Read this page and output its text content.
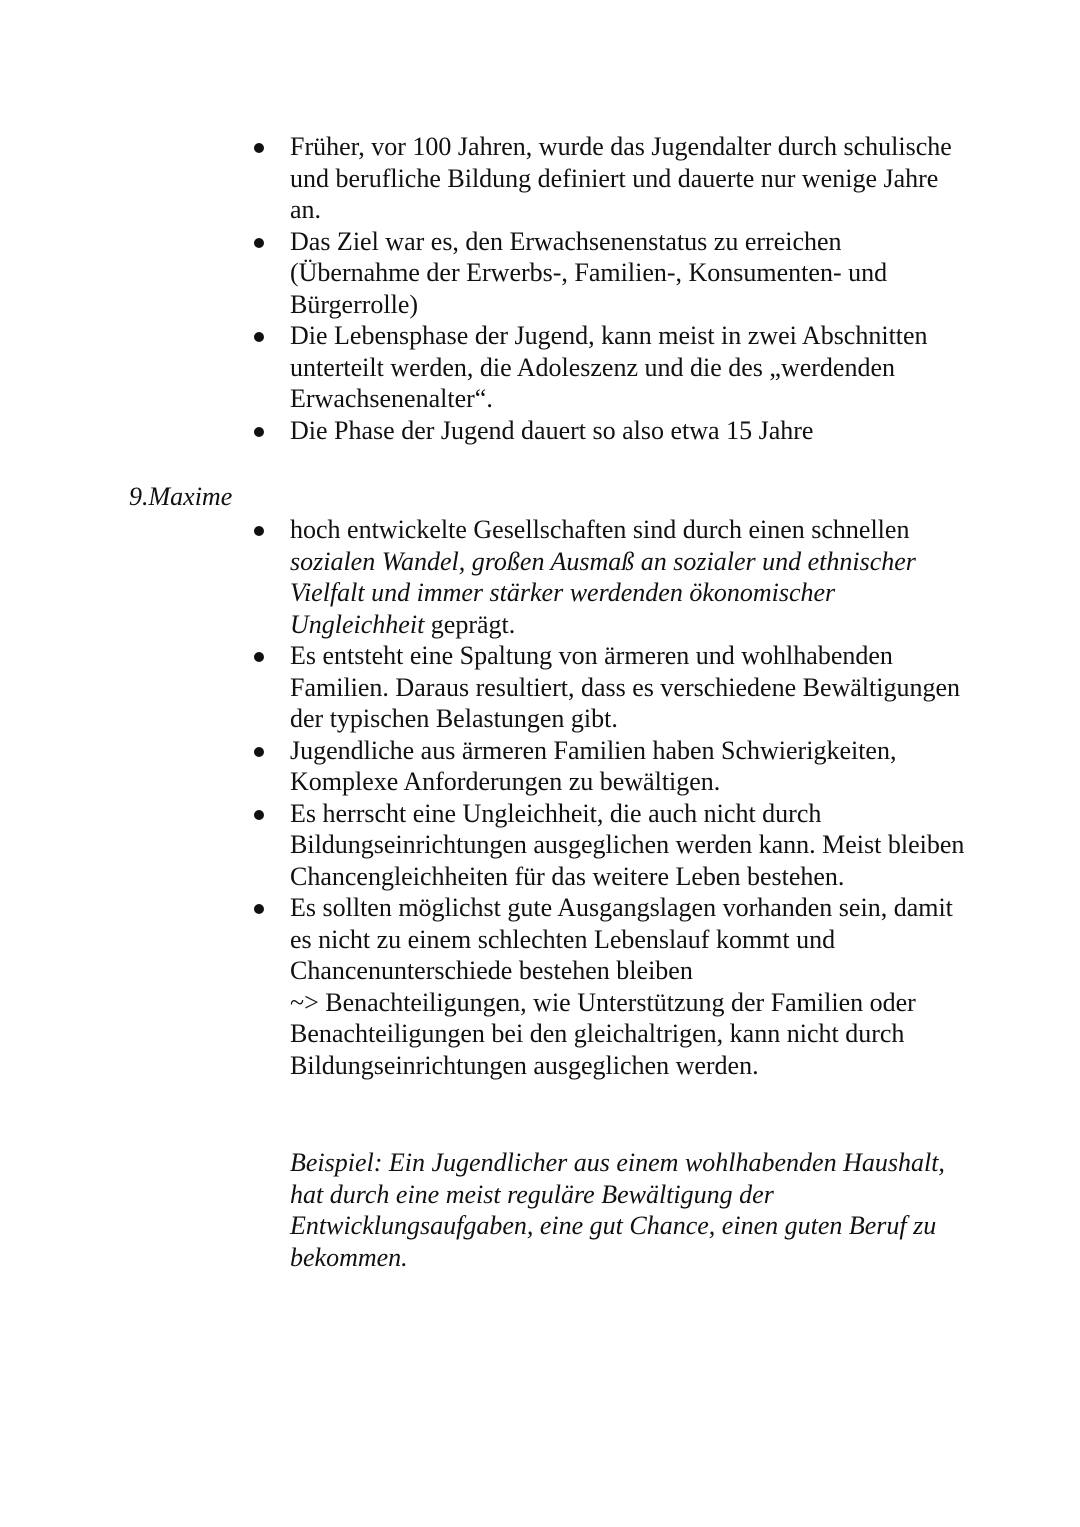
Früher, vor 100 Jahren, wurde das Jugendalter durch schulische und berufliche Bildung definiert und dauerte nur wenige Jahre an.
Das Ziel war es, den Erwachsenenstatus zu erreichen (Übernahme der Erwerbs-, Familien-, Konsumenten- und Bürgerrolle)
Die Lebensphase der Jugend, kann meist in zwei Abschnitten unterteilt werden, die Adoleszenz und die des „werdenden Erwachsenenalter“.
Die Phase der Jugend dauert so also etwa 15 Jahre

9.Maxime

hoch entwickelte Gesellschaften sind durch einen schnellen sozialen Wandel, großen Ausmaß an sozialer und ethnischer Vielfalt und immer stärker werdenden ökonomischer Ungleichheit geprägt.
Es entsteht eine Spaltung von ärmeren und wohlhabenden Familien. Daraus resultiert, dass es verschiedene Bewältigungen der typischen Belastungen gibt.
Jugendliche aus ärmeren Familien haben Schwierigkeiten, Komplexe Anforderungen zu bewältigen.
Es herrscht eine Ungleichheit, die auch nicht durch Bildungseinrichtungen ausgeglichen werden kann. Meist bleiben Chancengleichheiten für das weitere Leben bestehen.
Es sollten möglichst gute Ausgangslagen vorhanden sein, damit es nicht zu einem schlechten Lebenslauf kommt und Chancenunterschiede bestehen bleiben
~> Benachteiligungen, wie Unterstützung der Familien oder Benachteiligungen bei den gleichaltrigen, kann nicht durch Bildungseinrichtungen ausgeglichen werden.

Beispiel: Ein Jugendlicher aus einem wohlhabenden Haushalt, hat durch eine meist reguläre Bewältigung der Entwicklungsaufgaben, eine gut Chance, einen guten Beruf zu bekommen.
